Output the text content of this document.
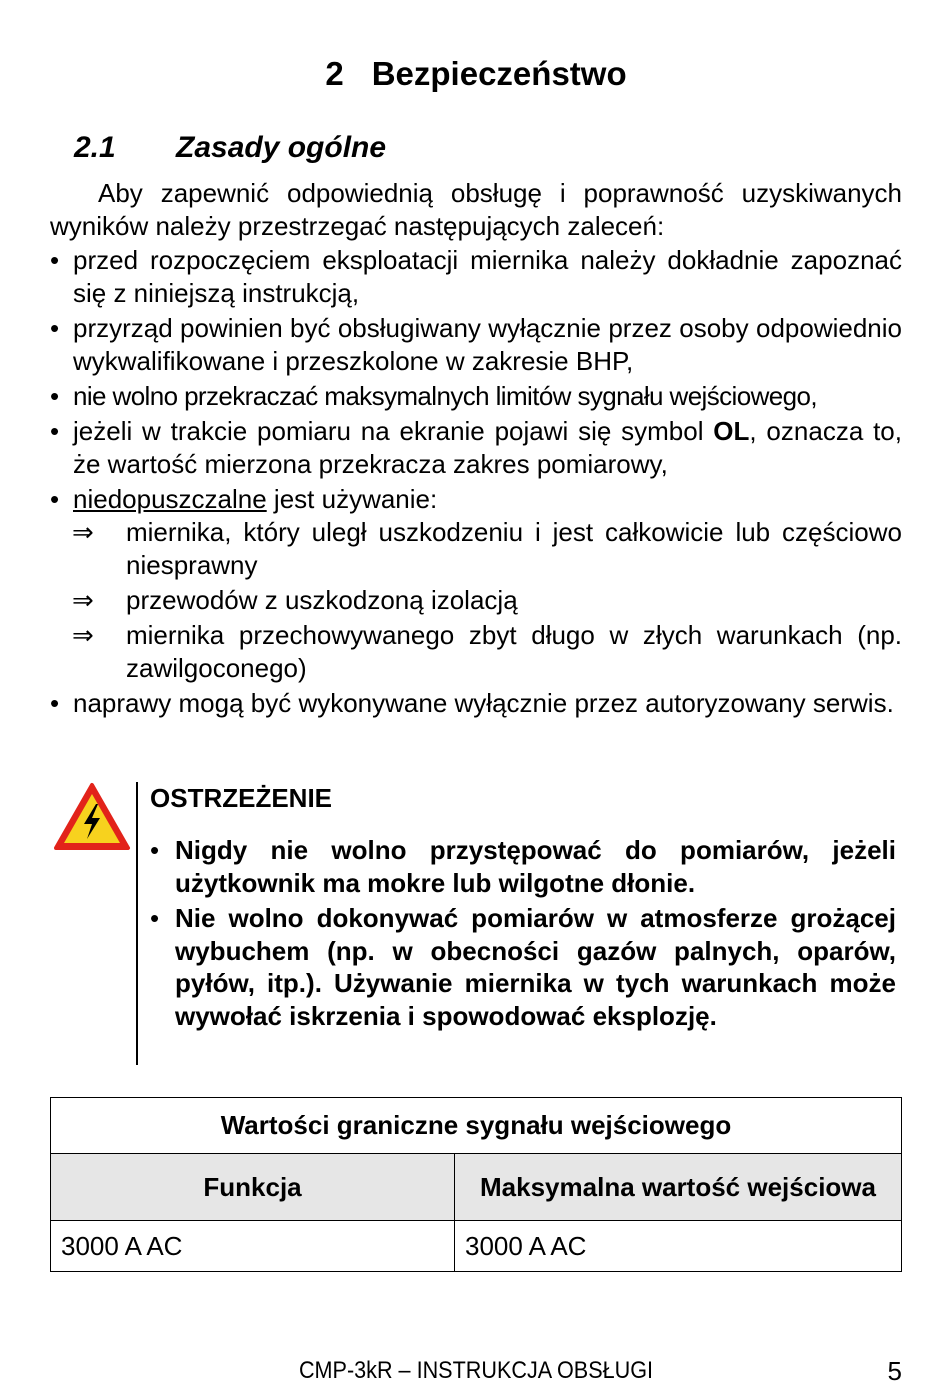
2 Bezpieczeństwo
2.1 Zasady ogólne
Aby zapewnić odpowiednią obsługę i poprawność uzyskiwanych wyników należy przestrzegać następujących zaleceń:
• przed rozpoczęciem eksploatacji miernika należy dokładnie zapoznać się z niniejszą instrukcją,
• przyrząd powinien być obsługiwany wyłącznie przez osoby odpowiednio wykwalifikowane i przeszkolone w zakresie BHP,
• nie wolno przekraczać maksymalnych limitów sygnału wejściowego,
• jeżeli w trakcie pomiaru na ekranie pojawi się symbol OL, oznacza to, że wartość mierzona przekracza zakres pomiarowy,
• niedopuszczalne jest używanie:
⇒ miernika, który uległ uszkodzeniu i jest całkowicie lub częściowo niesprawny
⇒ przewodów z uszkodzoną izolacją
⇒ miernika przechowywanego zbyt długo w złych warunkach (np. zawilgoconego)
• naprawy mogą być wykonywane wyłącznie przez autoryzowany serwis.
OSTRZEŻENIE
• Nigdy nie wolno przystępować do pomiarów, jeżeli użytkownik ma mokre lub wilgotne dłonie.
• Nie wolno dokonywać pomiarów w atmosferze grożącej wybuchem (np. w obecności gazów palnych, oparów, pyłów, itp.). Używanie miernika w tych warunkach może wywołać iskrzenia i spowodować eksplozję.
Wartości graniczne sygnału wejściowego	
Funkcja	Maksymalna wartość wejściowa
3000 A AC	3000 A AC
CMP-3kR – INSTRUKCJA OBSŁUGI	5
